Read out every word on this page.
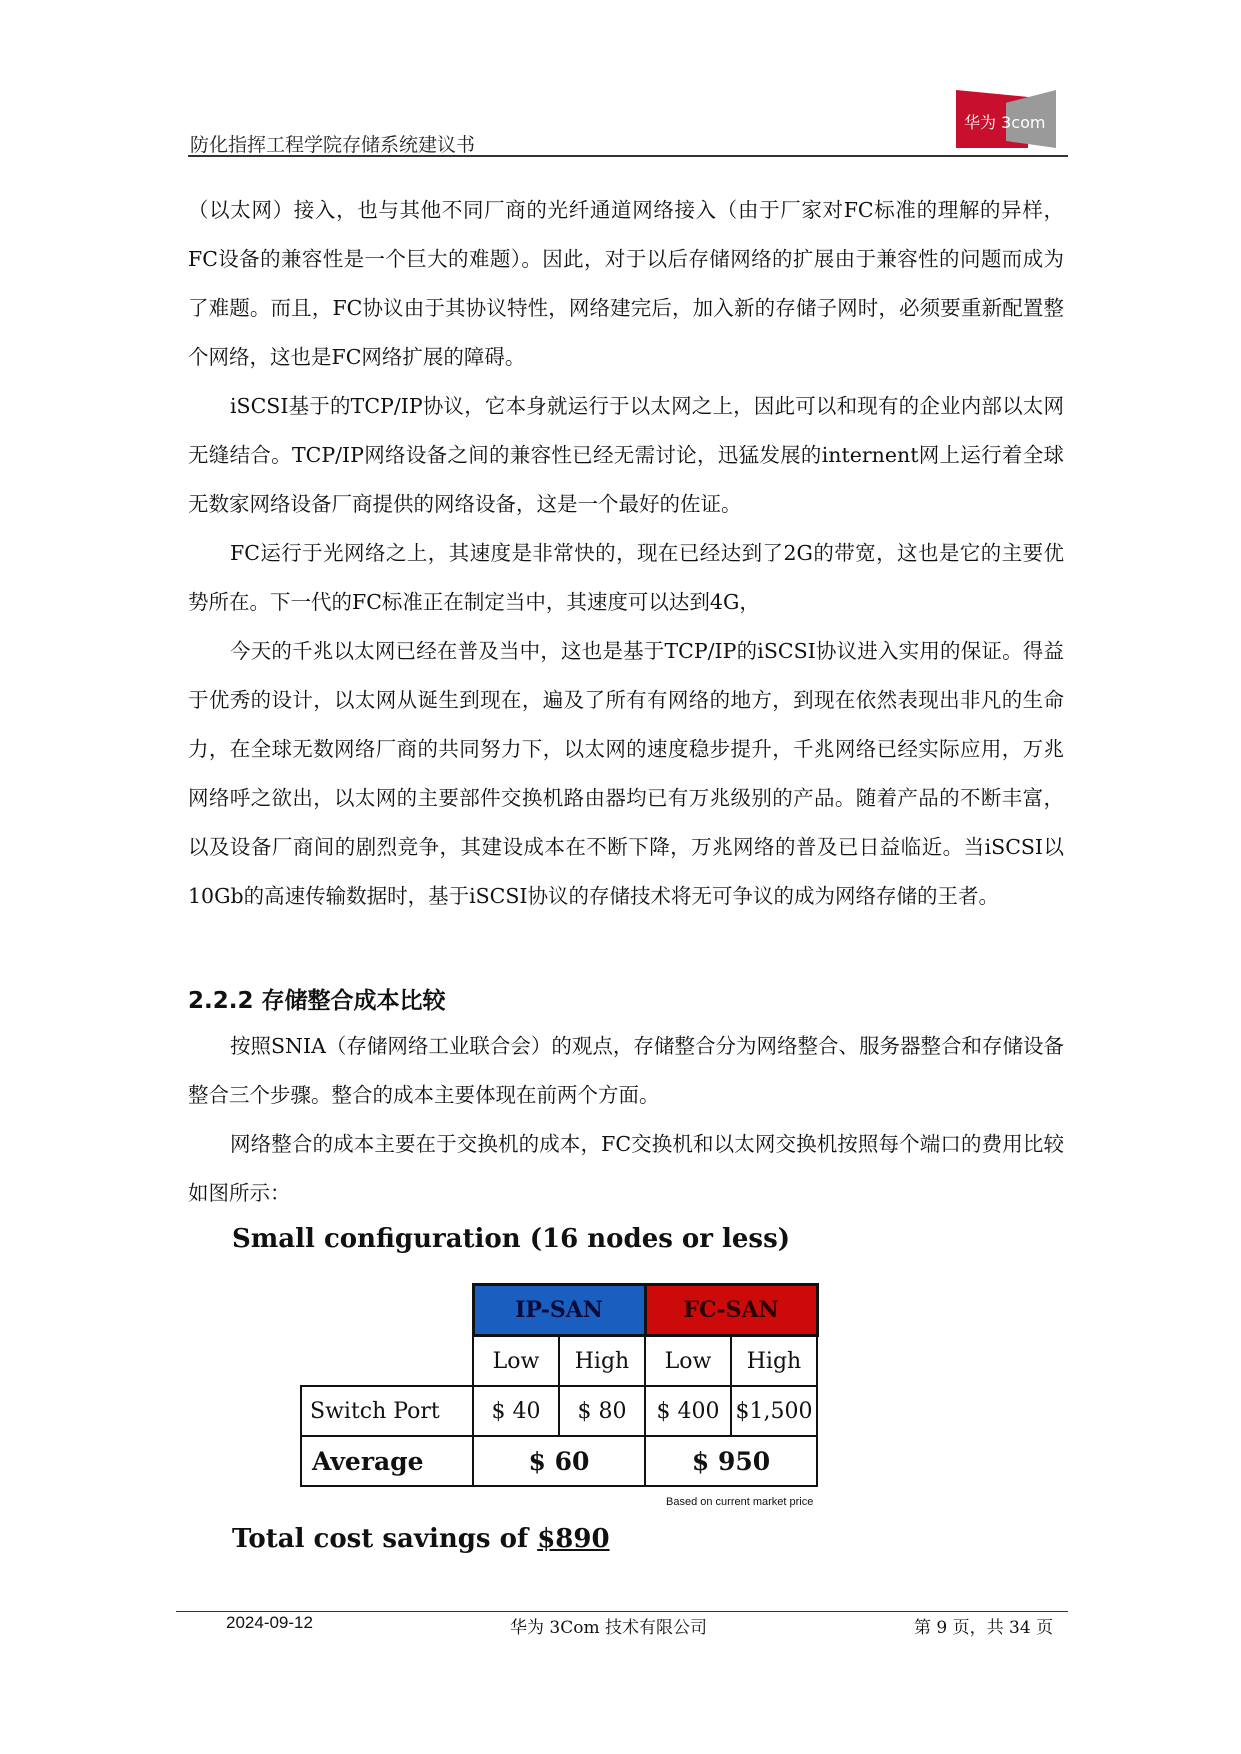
防化指挥工程学院存储系统建议书
华为 3com

（以太网）接入，也与其他不同厂商的光纤通道网络接入（由于厂家对FC标准的理解的异样，FC设备的兼容性是一个巨大的难题）。因此，对于以后存储网络的扩展由于兼容性的问题而成为了难题。而且，FC协议由于其协议特性，网络建完后，加入新的存储子网时，必须要重新配置整个网络，这也是FC网络扩展的障碍。

iSCSI基于的TCP/IP协议，它本身就运行于以太网之上，因此可以和现有的企业内部以太网无缝结合。TCP/IP网络设备之间的兼容性已经无需讨论，迅猛发展的internent网上运行着全球无数家网络设备厂商提供的网络设备，这是一个最好的佐证。

FC运行于光网络之上，其速度是非常快的，现在已经达到了2G的带宽，这也是它的主要优势所在。下一代的FC标准正在制定当中，其速度可以达到4G，

今天的千兆以太网已经在普及当中，这也是基于TCP/IP的iSCSI协议进入实用的保证。得益于优秀的设计，以太网从诞生到现在，遍及了所有有网络的地方，到现在依然表现出非凡的生命力，在全球无数网络厂商的共同努力下，以太网的速度稳步提升，千兆网络已经实际应用，万兆网络呼之欲出，以太网的主要部件交换机路由器均已有万兆级别的产品。随着产品的不断丰富，以及设备厂商间的剧烈竞争，其建设成本在不断下降，万兆网络的普及已日益临近。当iSCSI以10Gb的高速传输数据时，基于iSCSI协议的存储技术将无可争议的成为网络存储的王者。

2.2.2 存储整合成本比较

按照SNIA（存储网络工业联合会）的观点，存储整合分为网络整合、服务器整合和存储设备整合三个步骤。整合的成本主要体现在前两个方面。

网络整合的成本主要在于交换机的成本，FC交换机和以太网交换机按照每个端口的费用比较如图所示：

Small configuration (16 nodes or less)
	IP-SAN		FC-SAN	
	Low	High	Low	High
Switch Port	$ 40	$ 80	$ 400	$1,500
Average	$ 60		$ 950	
Based on current market price
Total cost savings of $890
2024-09-12	华为 3Com 技术有限公司	第 9 页，共 34 页
